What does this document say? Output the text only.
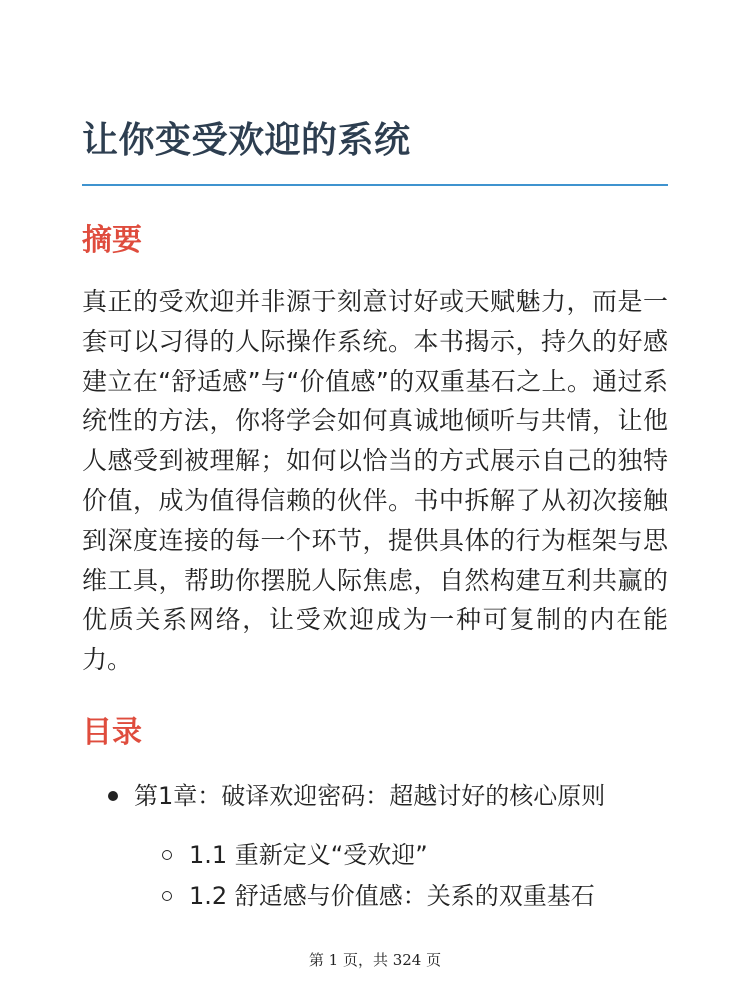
让你变受欢迎的系统
摘要

真正的受欢迎并非源于刻意讨好或天赋魅力，而是一套可以习得的人际操作系统。本书揭示，持久的好感建立在“舒适感”与“价值感”的双重基石之上。通过系统性的方法，你将学会如何真诚地倾听与共情，让他人感受到被理解；如何以恰当的方式展示自己的独特价值，成为值得信赖的伙伴。书中拆解了从初次接触到深度连接的每一个环节，提供具体的行为框架与思维工具，帮助你摆脱人际焦虑，自然构建互利共赢的优质关系网络，让受欢迎成为一种可复制的内在能力。

目录
第1章：破译欢迎密码：超越讨好的核心原则
1.1 重新定义“受欢迎”
1.2 舒适感与价值感：关系的双重基石
第 1 页，共 324 页
